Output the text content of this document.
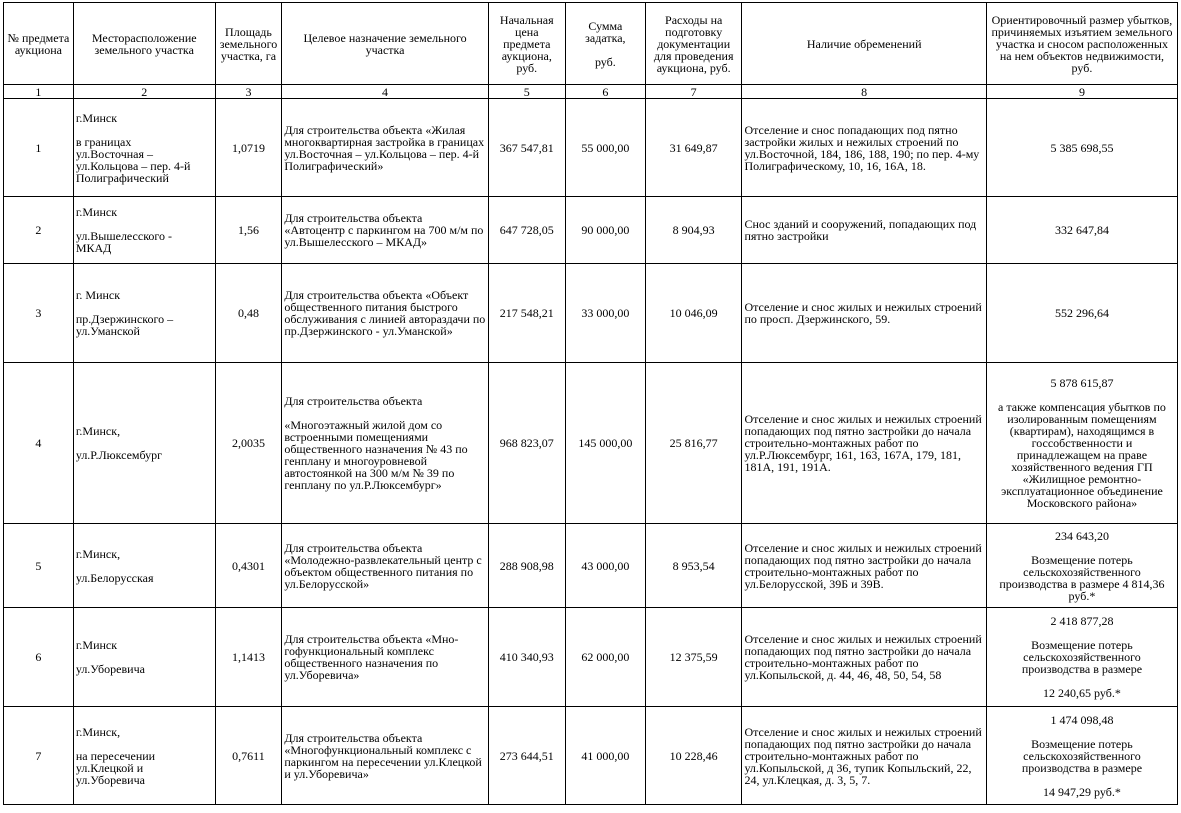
№ предмета аукциона	Месторасположение земельного участка	Площадь земельного участка, га	Целевое назначение земельного участка	Начальная цена предмета аукциона, руб.	Сумма задатка,

руб.	Расходы на подготовку документации для проведения аукциона, руб.	Наличие обременений	Ориентировочный размер убытков, причиняемых изъятием земельного участка и сносом расположенных на нем объектов недвижимости, руб.
1	2	3	4	5	6	7	8	9
1	г.Минск

в границах
ул.Восточная –
ул.Кольцова – пер. 4-й Полиграфический	1,0719	Для строительства объекта «Жилая многоквартирная застройка в границах ул.Восточная – ул.Кольцова – пер. 4-й Полиграфический»	367 547,81	55 000,00	31 649,87	Отселение и снос попадающих под пятно застройки жилых и нежилых строений по ул.Восточной, 184, 186, 188, 190; по пер. 4-му Полиграфическому, 10, 16, 16А, 18.	5 385 698,55
2	г.Минск

ул.Вышелесского -
МКАД	1,56	Для строительства объекта «Автоцентр с паркингом на 700 м/м по ул.Вышелесского – МКАД»	647 728,05	90 000,00	8 904,93	Снос зданий и сооружений, попадающих под пятно застройки	332 647,84
3	г. Минск

пр.Дзержинского –
ул.Уманской	0,48	Для строительства объекта «Объект общественного питания быстрого обслуживания с линией автораздачи по пр.Дзержинского - ул.Уманской»	217 548,21	33 000,00	10 046,09	Отселение и снос жилых и нежилых строений по просп. Дзержинского, 59.	552 296,64
4	г.Минск,

ул.Р.Люксембург	2,0035	Для строительства объекта

«Многоэтажный жилой дом со встроенными помещениями общественного назначения № 43 по генплану и многоуровневой автостоянкой на 300 м/м № 39 по генплану по ул.Р.Люксембург»	968 823,07	145 000,00	25 816,77	Отселение и снос жилых и нежилых строений попадающих под пятно застройки до начала строительно-монтажных работ по ул.Р.Люксембург, 161, 163, 167А, 179, 181, 181А, 191, 191А.	5 878 615,87

а также компенсация убытков по изолированным помещениям (квартирам), находящимся в госсобственности и принадлежащем на праве хозяйственного ведения ГП «Жилищное ремонтно-эксплуатационное объединение Московского района»
5	г.Минск,

ул.Белорусская	0,4301	Для строительства объекта «Молодежно-развлекательный центр с объектом общественного питания по ул.Белорусской»	288 908,98	43 000,00	8 953,54	Отселение и снос жилых и нежилых строений попадающих под пятно застройки до начала строительно-монтажных работ по ул.Белорусской, 39Б и 39В.	234 643,20

Возмещение потерь сельскохозяйственного производства в размере 4 814,36 руб.*
6	г.Минск

ул.Уборевича	1,1413	Для строительства объекта «Мно- гофункциональный комплекс общественного назначения по ул.Уборевича»	410 340,93	62 000,00	12 375,59	Отселение и снос жилых и нежилых строений попадающих под пятно застройки до начала строительно-монтажных работ по ул.Копыльской, д. 44, 46, 48, 50, 54, 58	2 418 877,28

Возмещение потерь сельскохозяйственного производства в размере

12 240,65 руб.*
7	г.Минск,

на пересечении
ул.Клецкой и
ул.Уборевича	0,7611	Для строительства объекта «Многофункциональный комплекс с паркингом на пересечении ул.Клецкой и ул.Уборевича»	273 644,51	41 000,00	10 228,46	Отселение и снос жилых и нежилых строений попадающих под пятно застройки до начала строительно-монтажных работ по ул.Копыльской, д 36, тупик Копыльский, 22, 24, ул.Клецкая, д. 3, 5, 7.	1 474 098,48

Возмещение потерь сельскохозяйственного производства в размере

14 947,29 руб.*
